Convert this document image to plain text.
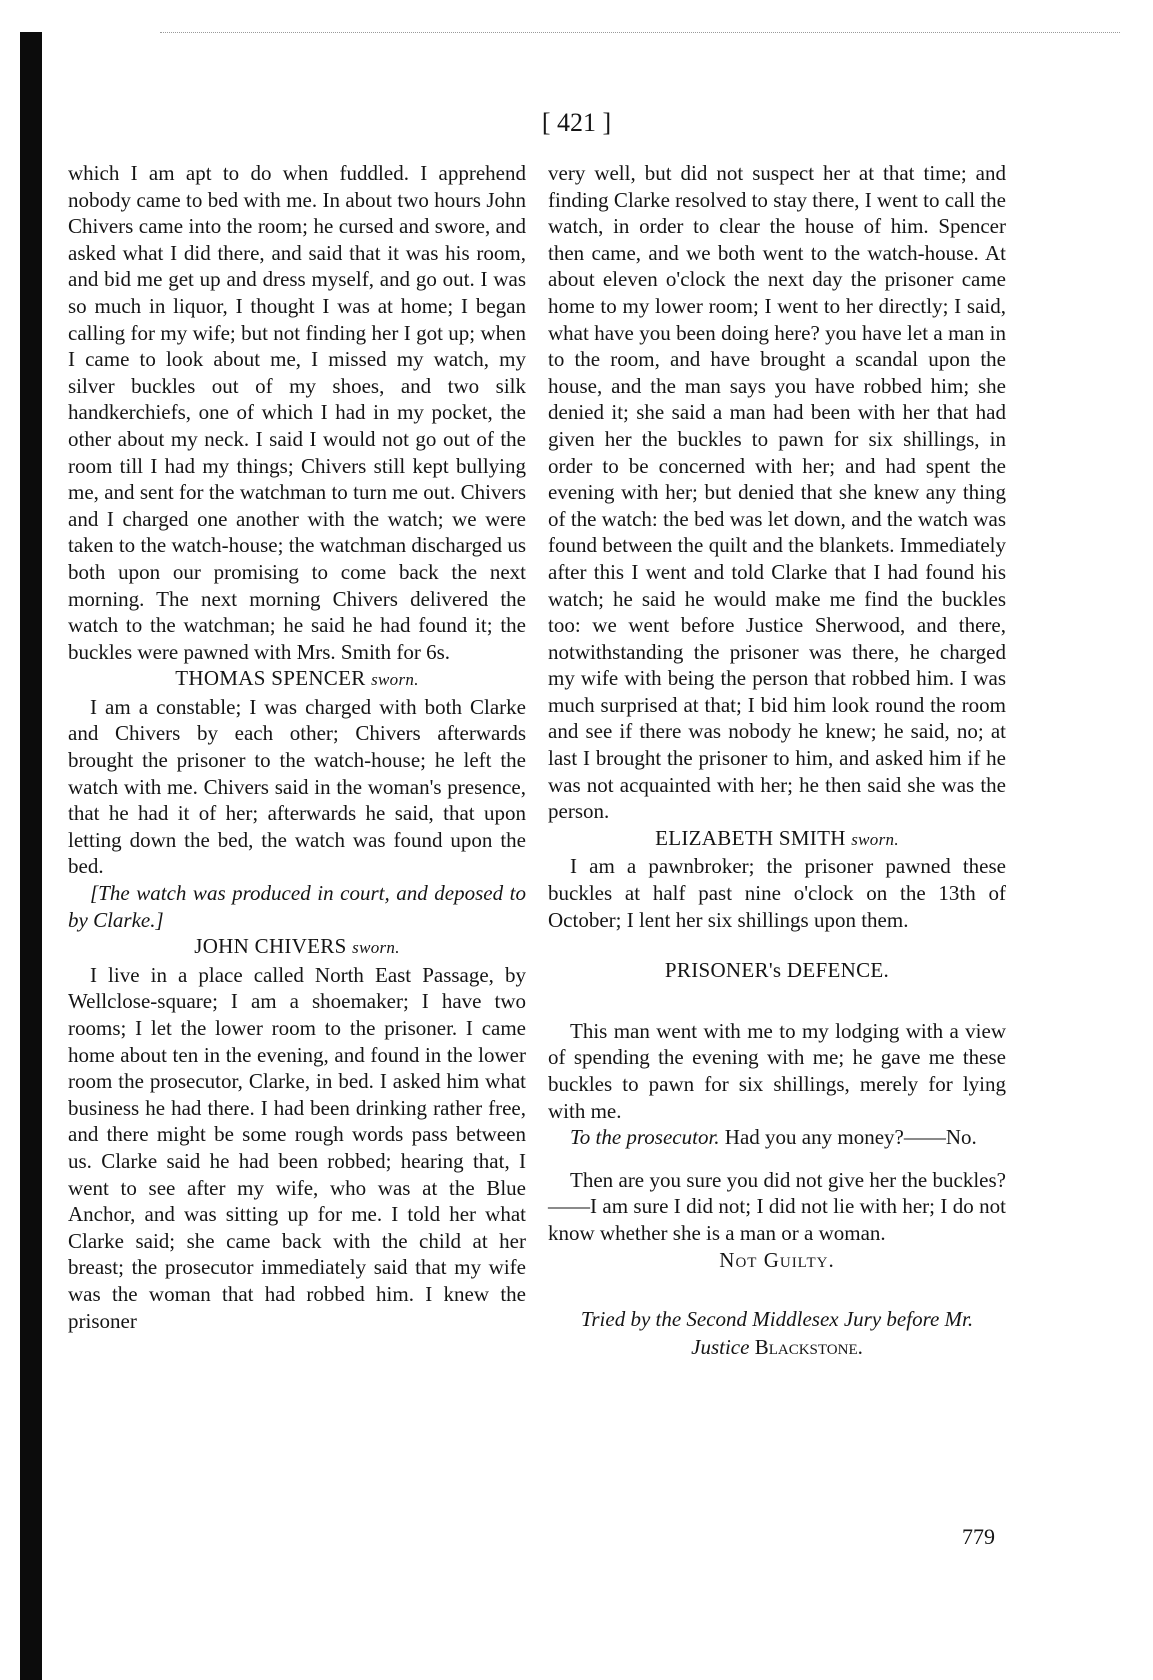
[ 421 ]

which I am apt to do when fuddled. I apprehend nobody came to bed with me. In about two hours John Chivers came into the room; he cursed and swore, and asked what I did there, and said that it was his room, and bid me get up and dress myself, and go out. I was so much in liquor, I thought I was at home; I began calling for my wife; but not finding her I got up; when I came to look about me, I missed my watch, my silver buckles out of my shoes, and two silk handkerchiefs, one of which I had in my pocket, the other about my neck. I said I would not go out of the room till I had my things; Chivers still kept bullying me, and sent for the watchman to turn me out. Chivers and I charged one another with the watch; we were taken to the watch-house; the watchman discharged us both upon our promising to come back the next morning. The next morning Chivers delivered the watch to the watchman; he said he had found it; the buckles were pawned with Mrs. Smith for 6s.

THOMAS SPENCER sworn.

I am a constable; I was charged with both Clarke and Chivers by each other; Chivers afterwards brought the prisoner to the watch-house; he left the watch with me. Chivers said in the woman's presence, that he had it of her; afterwards he said, that upon letting down the bed, the watch was found upon the bed.

[The watch was produced in court, and deposed to by Clarke.]

JOHN CHIVERS sworn.

I live in a place called North East Passage, by Wellclose-square; I am a shoemaker; I have two rooms; I let the lower room to the prisoner. I came home about ten in the evening, and found in the lower room the prosecutor, Clarke, in bed. I asked him what business he had there. I had been drinking rather free, and there might be some rough words pass between us. Clarke said he had been robbed; hearing that, I went to see after my wife, who was at the Blue Anchor, and was sitting up for me. I told her what Clarke said; she came back with the child at her breast; the prosecutor immediately said that my wife was the woman that had robbed him. I knew the prisoner

very well, but did not suspect her at that time; and finding Clarke resolved to stay there, I went to call the watch, in order to clear the house of him. Spencer then came, and we both went to the watch-house. At about eleven o'clock the next day the prisoner came home to my lower room; I went to her directly; I said, what have you been doing here? you have let a man in to the room, and have brought a scandal upon the house, and the man says you have robbed him; she denied it; she said a man had been with her that had given her the buckles to pawn for six shillings, in order to be concerned with her; and had spent the evening with her; but denied that she knew any thing of the watch: the bed was let down, and the watch was found between the quilt and the blankets. Immediately after this I went and told Clarke that I had found his watch; he said he would make me find the buckles too: we went before Justice Sherwood, and there, notwithstanding the prisoner was there, he charged my wife with being the person that robbed him. I was much surprised at that; I bid him look round the room and see if there was nobody he knew; he said, no; at last I brought the prisoner to him, and asked him if he was not acquainted with her; he then said she was the person.

ELIZABETH SMITH sworn.

I am a pawnbroker; the prisoner pawned these buckles at half past nine o'clock on the 13th of October; I lent her six shillings upon them.

PRISONER's DEFENCE.

This man went with me to my lodging with a view of spending the evening with me; he gave me these buckles to pawn for six shillings, merely for lying with me.

To the prosecutor. Had you any money?——No.

Then are you sure you did not give her the buckles?——I am sure I did not; I did not lie with her; I do not know whether she is a man or a woman.

Not Guilty.

Tried by the Second Middlesex Jury before Mr.
Justice Blackstone.

779
